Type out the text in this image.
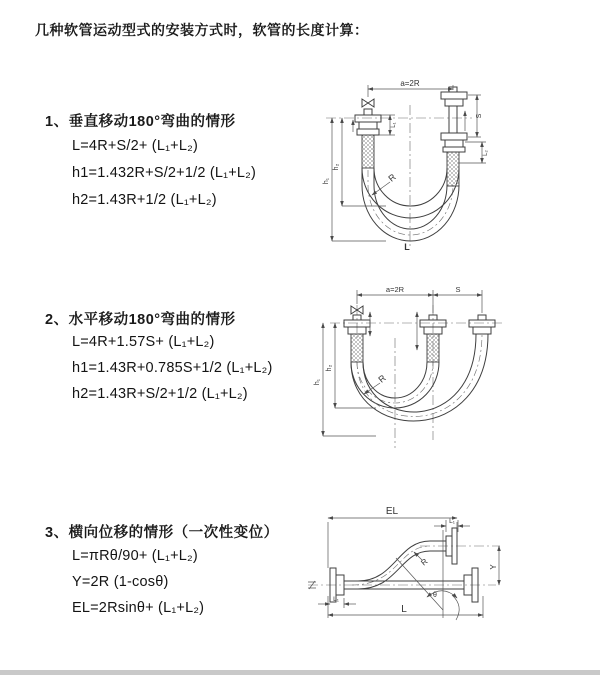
几种软管运动型式的安装方式时，软管的长度计算：
1、垂直移动180°弯曲的情形
L=4R+S/2+ (L₁+L₂)
h1=1.432R+S/2+1/2 (L₁+L₂)
h2=1.43R+1/2 (L₁+L₂)
2、水平移动180°弯曲的情形
L=4R+1.57S+ (L₁+L₂)
h1=1.43R+0.785S+1/2 (L₁+L₂)
h2=1.43R+S/2+1/2 (L₁+L₂)
3、横向位移的情形（一次性变位）
L=πRθ/90+ (L₁+L₂)
Y=2R (1-cosθ)
EL=2Rsinθ+ (L₁+L₂)
a=2R
S
L₂
L₁
h₁
h₂
R
L
a=2R	S
h₁
h₂
R
θ
R
EL
L₁
Y
L
L₁
